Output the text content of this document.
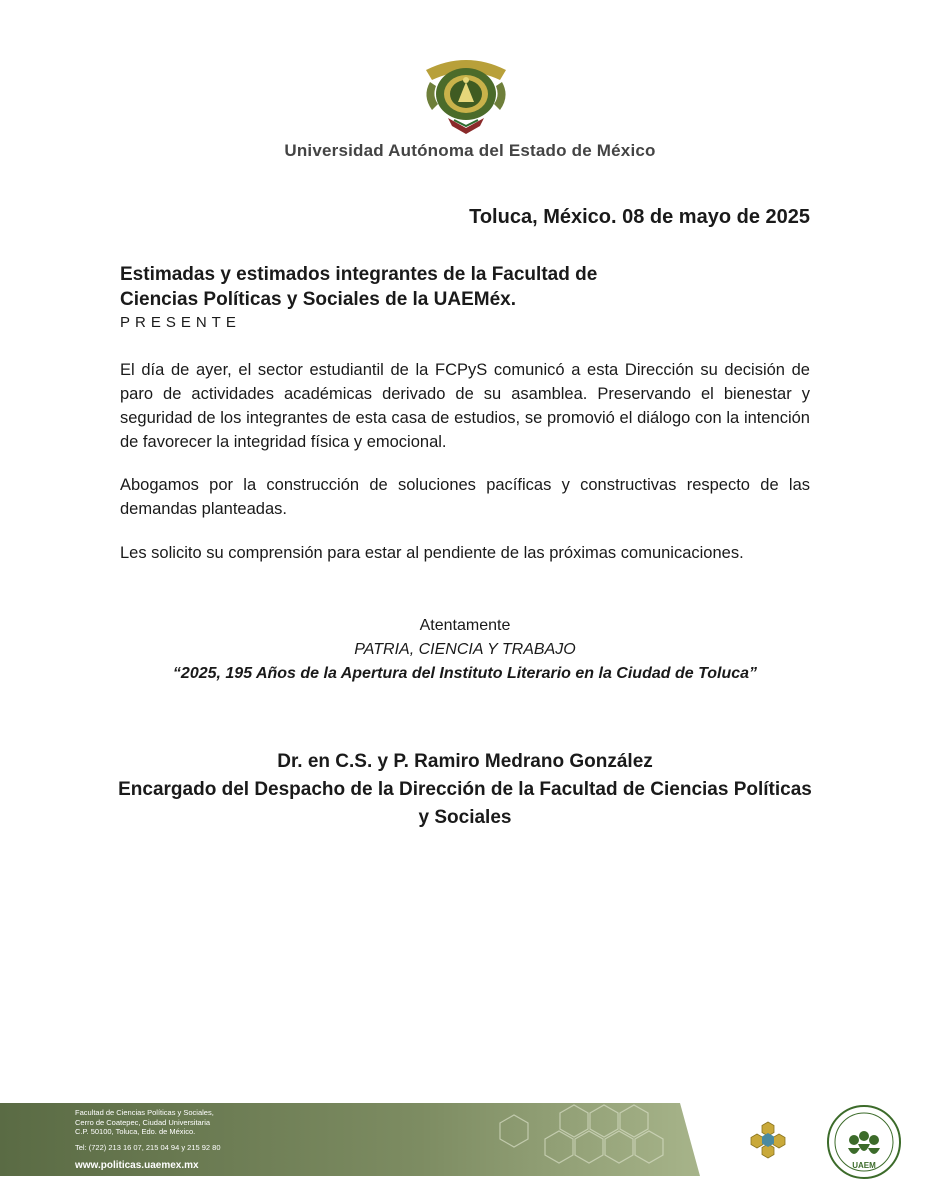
Universidad Autónoma del Estado de México
Toluca, México. 08 de mayo de 2025
Estimadas y estimados integrantes de la Facultad de
Ciencias Políticas y Sociales de la UAEMéx.
PRESENTE
El día de ayer, el sector estudiantil de la FCPyS comunicó a esta Dirección su decisión de paro de actividades académicas derivado de su asamblea. Preservando el bienestar y seguridad de los integrantes de esta casa de estudios, se promovió el diálogo con la intención de favorecer la integridad física y emocional.
Abogamos por la construcción de soluciones pacíficas y constructivas respecto de las demandas planteadas.
Les solicito su comprensión para estar al pendiente de las próximas comunicaciones.
Atentamente
PATRIA, CIENCIA Y TRABAJO
“2025, 195 Años de la Apertura del Instituto Literario en la Ciudad de Toluca”
Dr. en C.S. y P. Ramiro Medrano González
Encargado del Despacho de la Dirección de la Facultad de Ciencias Políticas y Sociales
Facultad de Ciencias Políticas y Sociales,
Cerro de Coatepec, Ciudad Universitaria
C.P. 50100, Toluca, Edo. de México.
Tel: (722) 213 16 07, 215 04 94 y 215 92 80
www.politicas.uaemex.mx	UAEM
